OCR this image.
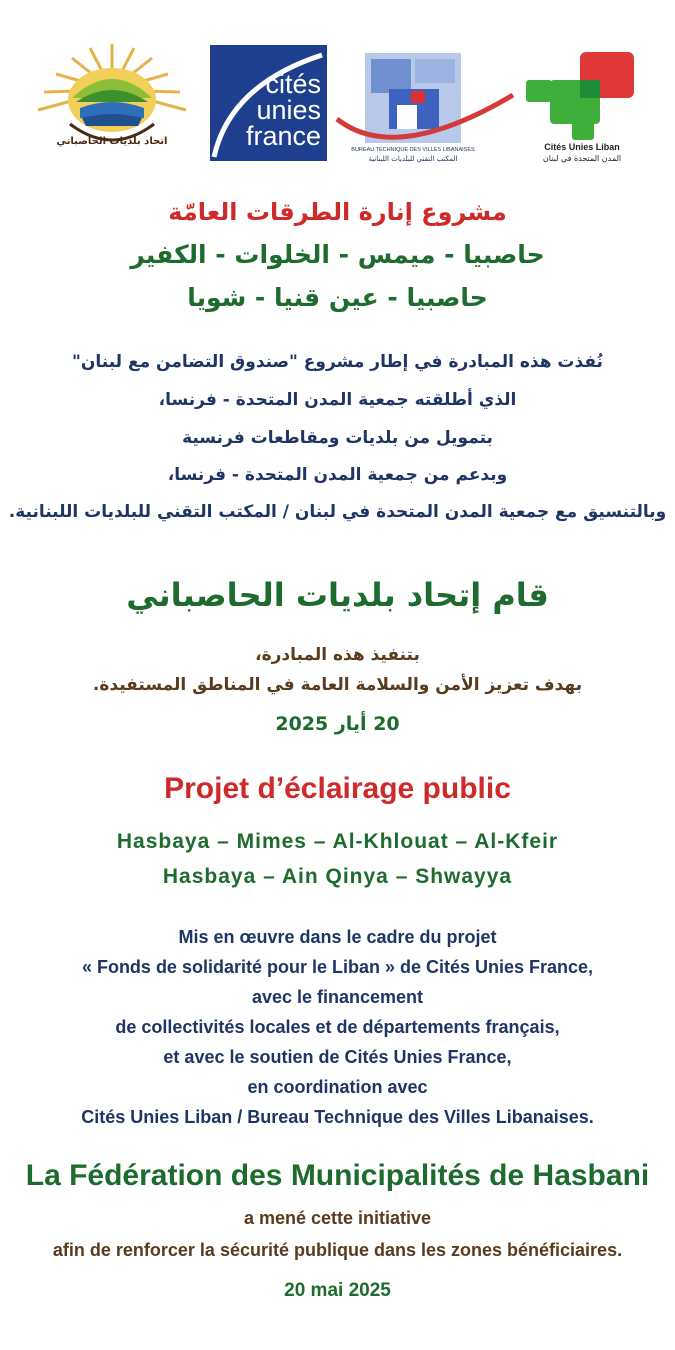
اتحاد بلديات الحاصباني
cités
unies
france	BUREAU TECHNIQUE DES VILLES LIBANAISES
المكتب التقني للبلديات اللبنانية
Cités Unies Liban
المدن المتحدة في لبنان
مشروع إنارة الطرقات العامّة
حاصبيا - ميمس - الخلوات - الكفير
حاصبيا - عين قنيا - شويا
نُفذت هذه المبادرة في إطار مشروع "صندوق التضامن مع لبنان"
الذي أطلقته جمعية المدن المتحدة - فرنسا،
بتمويل من بلديات ومقاطعات فرنسية
وبدعم من جمعية المدن المتحدة - فرنسا،
وبالتنسيق مع جمعية المدن المتحدة في لبنان / المكتب التقني للبلديات اللبنانية.
قام إتحاد بلديات الحاصباني
بتنفيذ هذه المبادرة،
بهدف تعزيز الأمن والسلامة العامة في المناطق المستفيدة.
20 أيار 2025
Projet d’éclairage public
Hasbaya – Mimes – Al-Khlouat – Al-Kfeir
Hasbaya – Ain Qinya – Shwayya
Mis en œuvre dans le cadre du projet
« Fonds de solidarité pour le Liban » de Cités Unies France,
avec le financement
de collectivités locales et de départements français,
et avec le soutien de Cités Unies France,
en coordination avec
Cités Unies Liban / Bureau Technique des Villes Libanaises.
La Fédération des Municipalités de Hasbani
a mené cette initiative
afin de renforcer la sécurité publique dans les zones bénéficiaires.
20 mai 2025
